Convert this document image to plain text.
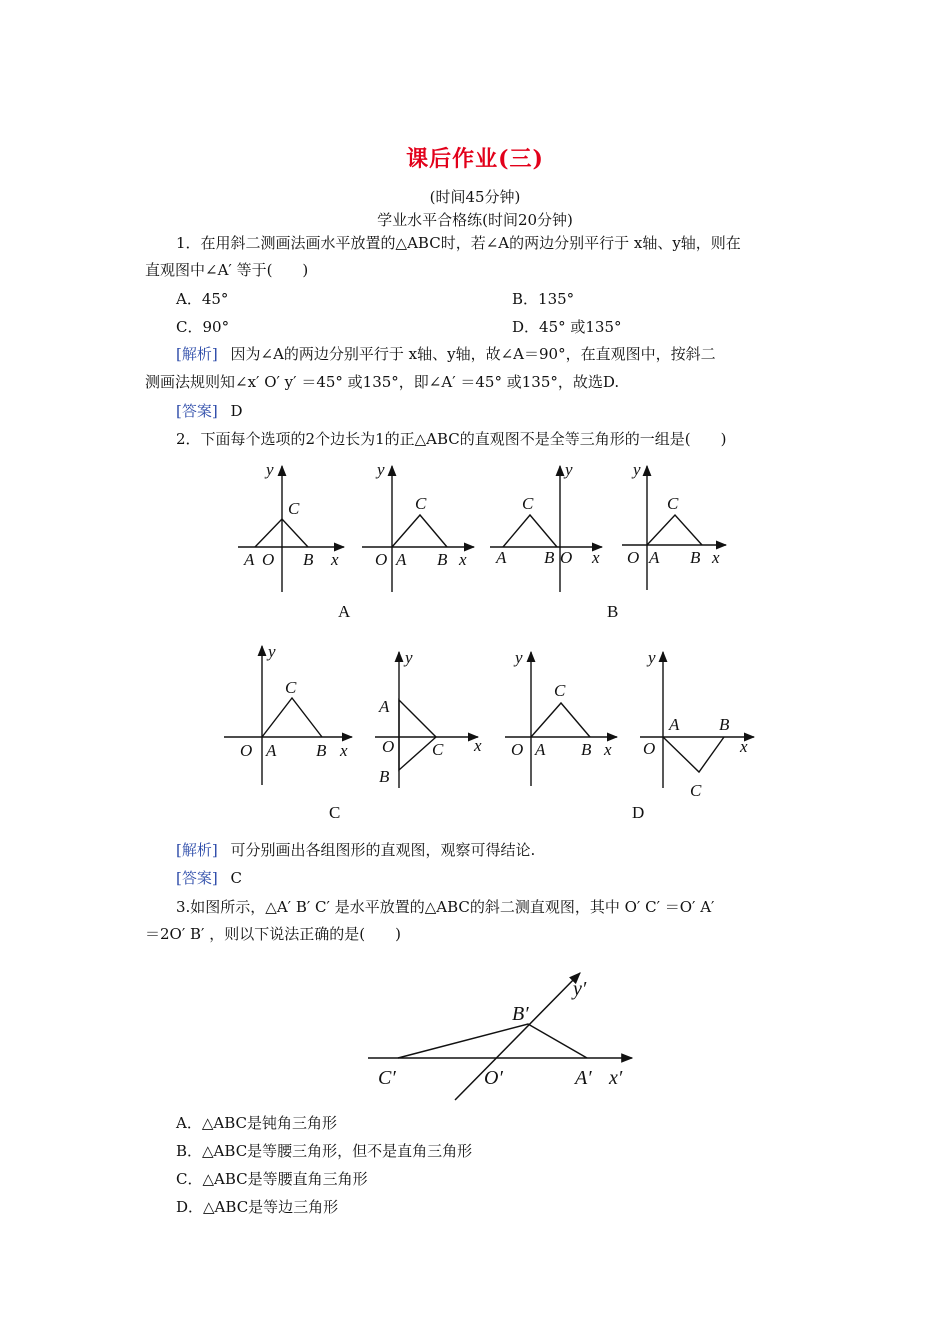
课后作业(三)
(时间45分钟)
学业水平合格练(时间20分钟)
1．在用斜二测画法画水平放置的△ABC时，若∠A的两边分别平行于 x轴、y轴，则在
直观图中∠A′ 等于(　　)
A．45°	B．135°
C．90°	D．45° 或135°
[解析] 因为∠A的两边分别平行于 x轴、y轴，故∠A＝90°，在直观图中，按斜二
测画法规则知∠x′ O′ y′ ＝45° 或135°，即∠A′ ＝45° 或135°，故选D.
[答案] D
2．下面每个选项的2个边长为1的正△ABC的直观图不是全等三角形的一组是(　　)
y
C
A O B x
y
C
O A B x
y
C
A B O x
y
C
O A B x
y
C
O A B x
y
A
O C x
B
y
C
O A B x
y
A B
O	x
C
A	B
C	D
B′
y′
C′	O′	A′ x′
[解析] 可分别画出各组图形的直观图，观察可得结论.
[答案] C
3.如图所示，△A′ B′ C′ 是水平放置的△ABC的斜二测直观图，其中 O′ C′ ＝O′ A′
＝2O′ B′ ，则以下说法正确的是(　　)
A．△ABC是钝角三角形
B．△ABC是等腰三角形，但不是直角三角形
C．△ABC是等腰直角三角形
D．△ABC是等边三角形
